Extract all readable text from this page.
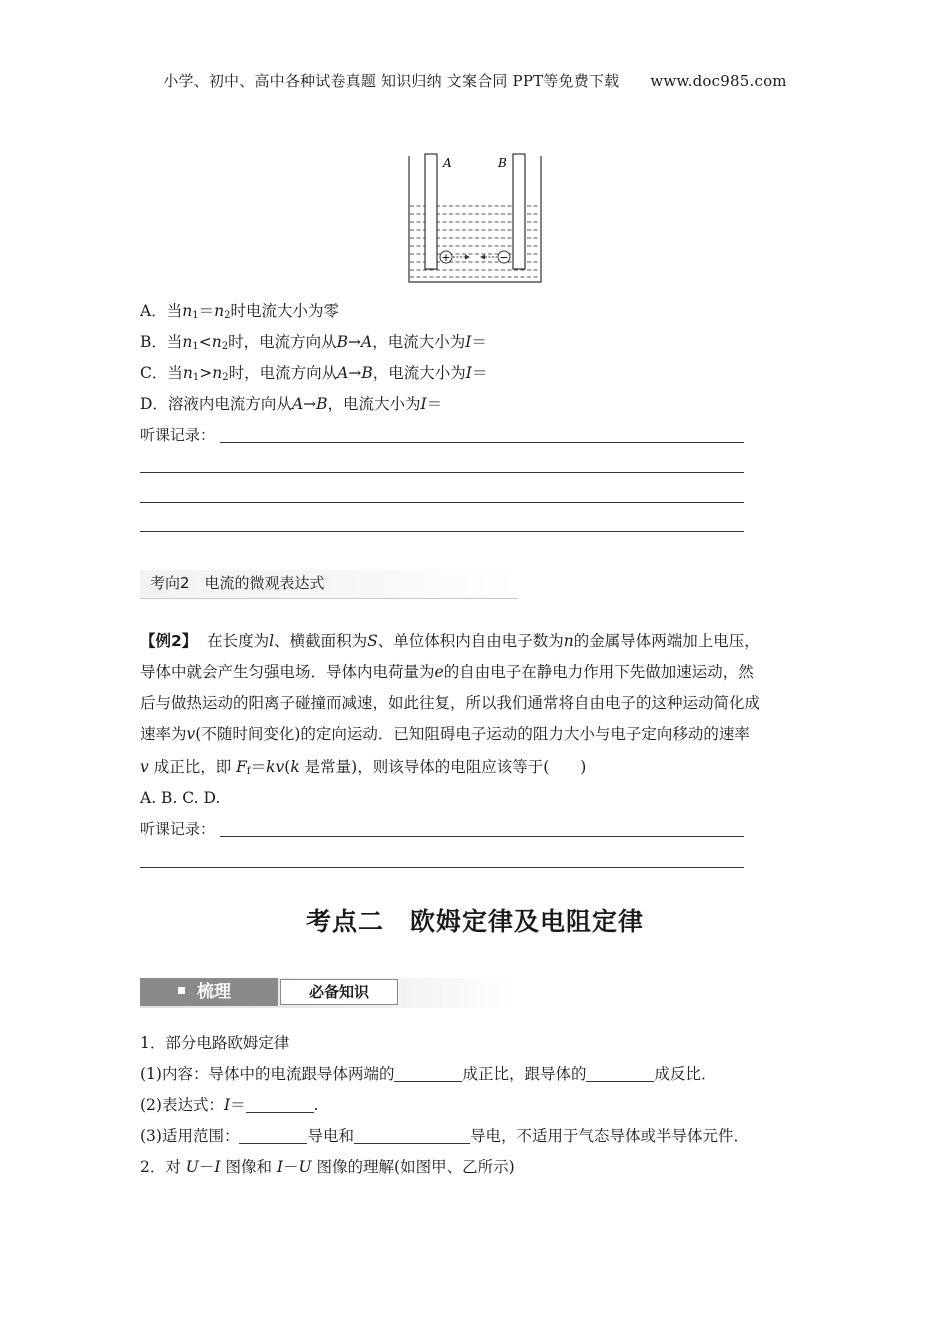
小学、初中、高中各种试卷真题 知识归纳 文案合同 PPT等免费下载 www.doc985.com
A	B
+	−
A．当$n_1=n_2$时电流大小为零
B．当$n_1<n_2$时，电流方向从B→A，电流大小为I＝
C．当$n_1>n_2$时，电流方向从A→B，电流大小为I＝
D．溶液内电流方向从A→B，电流大小为I＝
听课记录：
考向2　电流的微观表达式
【例2】 在长度为l、横截面积为S、单位体积内自由电子数为n的金属导体两端加上电压，
导体中就会产生匀强电场．导体内电荷量为e的自由电子在静电力作用下先做加速运动，然
后与做热运动的阳离子碰撞而减速，如此往复，所以我们通常将自由电子的这种运动简化成
速率为v(不随时间变化)的定向运动．已知阻碍电子运动的阻力大小与电子定向移动的速率
v 成正比，即 $F_f=kv(k$ 是常量)，则该导体的电阻应该等于(　　)
A. B. C. D.
听课记录：
考点二　欧姆定律及电阻定律
梳理	必备知识
1．部分电路欧姆定律
(1)内容：导体中的电流跟导体两端的	成正比，跟导体的	成反比．
(2)表达式：I＝	.
(3)适用范围：	导电和	导电，不适用于气态导体或半导体元件．
2．对 U－I 图像和 I－U 图像的理解(如图甲、乙所示)
